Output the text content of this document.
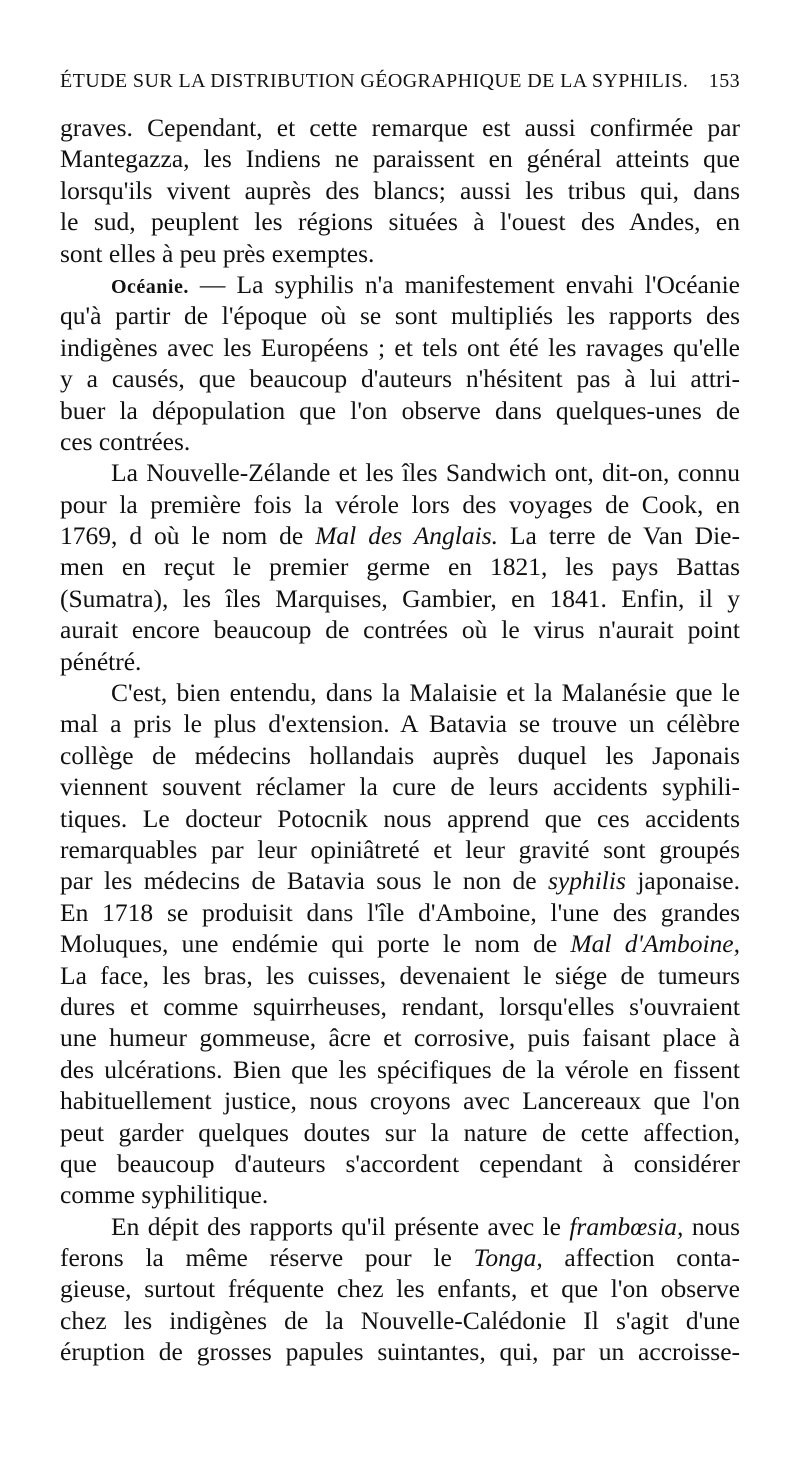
ÉTUDE SUR LA DISTRIBUTION GÉOGRAPHIQUE DE LA SYPHILIS. 153
graves. Cependant, et cette remarque est aussi confirmée par
Mantegazza, les Indiens ne paraissent en général atteints que
lorsqu'ils vivent auprès des blancs; aussi les tribus qui, dans
le sud, peuplent les régions situées à l'ouest des Andes, en
sont elles à peu près exemptes.
Océanie. — La syphilis n'a manifestement envahi l'Océanie
qu'à partir de l'époque où se sont multipliés les rapports des
indigènes avec les Européens ; et tels ont été les ravages qu'elle
y a causés, que beaucoup d'auteurs n'hésitent pas à lui attri-
buer la dépopulation que l'on observe dans quelques-unes de
ces contrées.
La Nouvelle-Zélande et les îles Sandwich ont, dit-on, connu
pour la première fois la vérole lors des voyages de Cook, en
1769, d où le nom de Mal des Anglais. La terre de Van Die-
men en reçut le premier germe en 1821, les pays Battas
(Sumatra), les îles Marquises, Gambier, en 1841. Enfin, il y
aurait encore beaucoup de contrées où le virus n'aurait point
pénétré.
C'est, bien entendu, dans la Malaisie et la Malanésie que le
mal a pris le plus d'extension. A Batavia se trouve un célèbre
collège de médecins hollandais auprès duquel les Japonais
viennent souvent réclamer la cure de leurs accidents syphili-
tiques. Le docteur Potocnik nous apprend que ces accidents
remarquables par leur opiniâtreté et leur gravité sont groupés
par les médecins de Batavia sous le non de syphilis japonaise.
En 1718 se produisit dans l'île d'Amboine, l'une des grandes
Moluques, une endémie qui porte le nom de Mal d'Amboine,
La face, les bras, les cuisses, devenaient le siége de tumeurs
dures et comme squirrheuses, rendant, lorsqu'elles s'ouvraient
une humeur gommeuse, âcre et corrosive, puis faisant place à
des ulcérations. Bien que les spécifiques de la vérole en fissent
habituellement justice, nous croyons avec Lancereaux que l'on
peut garder quelques doutes sur la nature de cette affection,
que beaucoup d'auteurs s'accordent cependant à considérer
comme syphilitique.
En dépit des rapports qu'il présente avec le frambœsia, nous
ferons la même réserve pour le Tonga, affection conta-
gieuse, surtout fréquente chez les enfants, et que l'on observe
chez les indigènes de la Nouvelle-Calédonie Il s'agit d'une
éruption de grosses papules suintantes, qui, par un accroisse-
